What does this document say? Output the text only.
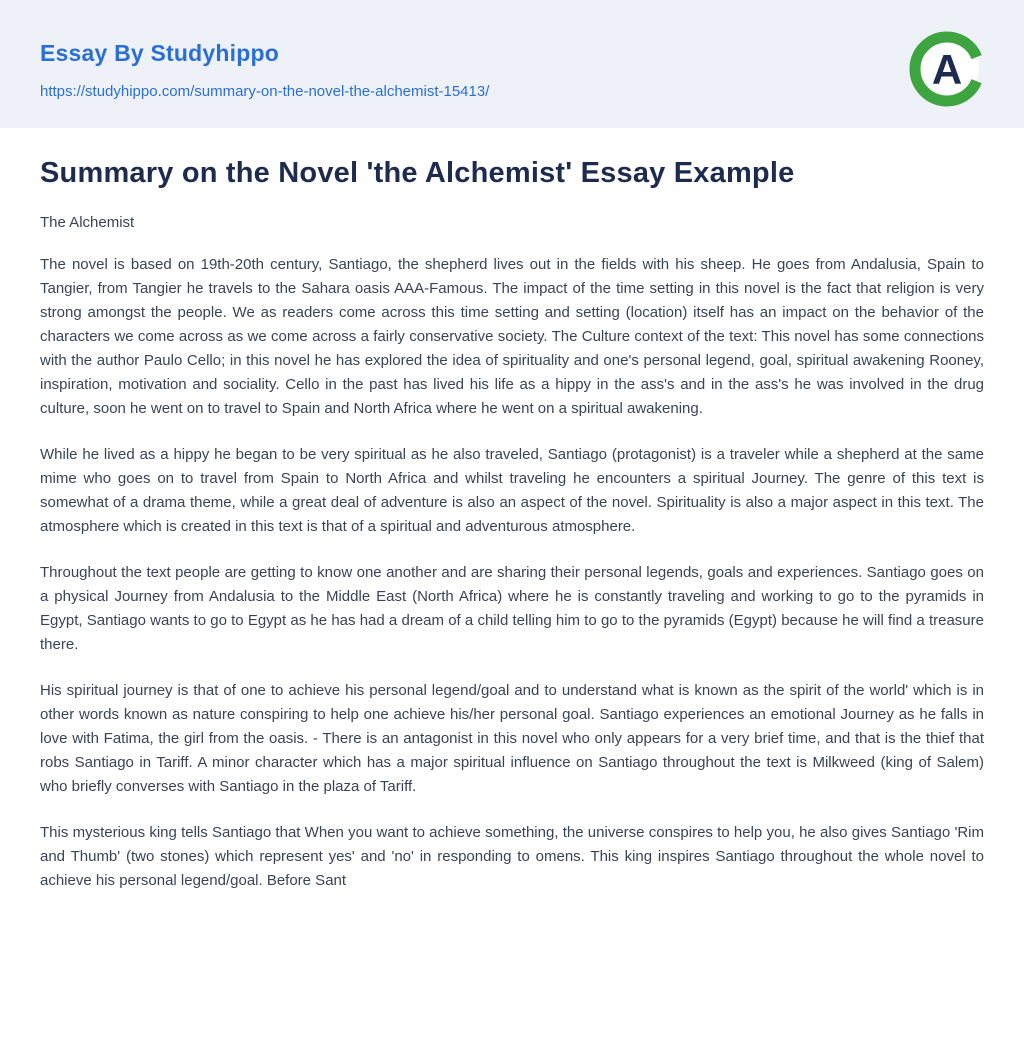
Essay By Studyhippo
https://studyhippo.com/summary-on-the-novel-the-alchemist-15413/	A
Summary on the Novel 'the Alchemist' Essay Example

The Alchemist

The novel is based on 19th-20th century, Santiago, the shepherd lives out in the fields with his sheep. He goes from Andalusia, Spain to Tangier, from Tangier he travels to the Sahara oasis AAA-Famous. The impact of the time setting in this novel is the fact that religion is very strong amongst the people. We as readers come across this time setting and setting (location) itself has an impact on the behavior of the characters we come across as we come across a fairly conservative society. The Culture context of the text: This novel has some connections with the author Paulo Cello; in this novel he has explored the idea of spirituality and one's personal legend, goal, spiritual awakening Rooney, inspiration, motivation and sociality. Cello in the past has lived his life as a hippy in the ass's and in the ass's he was involved in the drug culture, soon he went on to travel to Spain and North Africa where he went on a spiritual awakening.

While he lived as a hippy he began to be very spiritual as he also traveled, Santiago (protagonist) is a traveler while a shepherd at the same mime who goes on to travel from Spain to North Africa and whilst traveling he encounters a spiritual Journey. The genre of this text is somewhat of a drama theme, while a great deal of adventure is also an aspect of the novel. Spirituality is also a major aspect in this text. The atmosphere which is created in this text is that of a spiritual and adventurous atmosphere.

Throughout the text people are getting to know one another and are sharing their personal legends, goals and experiences. Santiago goes on a physical Journey from Andalusia to the Middle East (North Africa) where he is constantly traveling and working to go to the pyramids in Egypt, Santiago wants to go to Egypt as he has had a dream of a child telling him to go to the pyramids (Egypt) because he will find a treasure there.

His spiritual journey is that of one to achieve his personal legend/goal and to understand what is known as the spirit of the world' which is in other words known as nature conspiring to help one achieve his/her personal goal. Santiago experiences an emotional Journey as he falls in love with Fatima, the girl from the oasis. - There is an antagonist in this novel who only appears for a very brief time, and that is the thief that robs Santiago in Tariff. A minor character which has a major spiritual influence on Santiago throughout the text is Milkweed (king of Salem) who briefly converses with Santiago in the plaza of Tariff.

This mysterious king tells Santiago that When you want to achieve something, the universe conspires to help you, he also gives Santiago 'Rim and Thumb' (two stones) which represent yes' and 'no' in responding to omens. This king inspires Santiago throughout the whole novel to achieve his personal legend/goal. Before Sant
